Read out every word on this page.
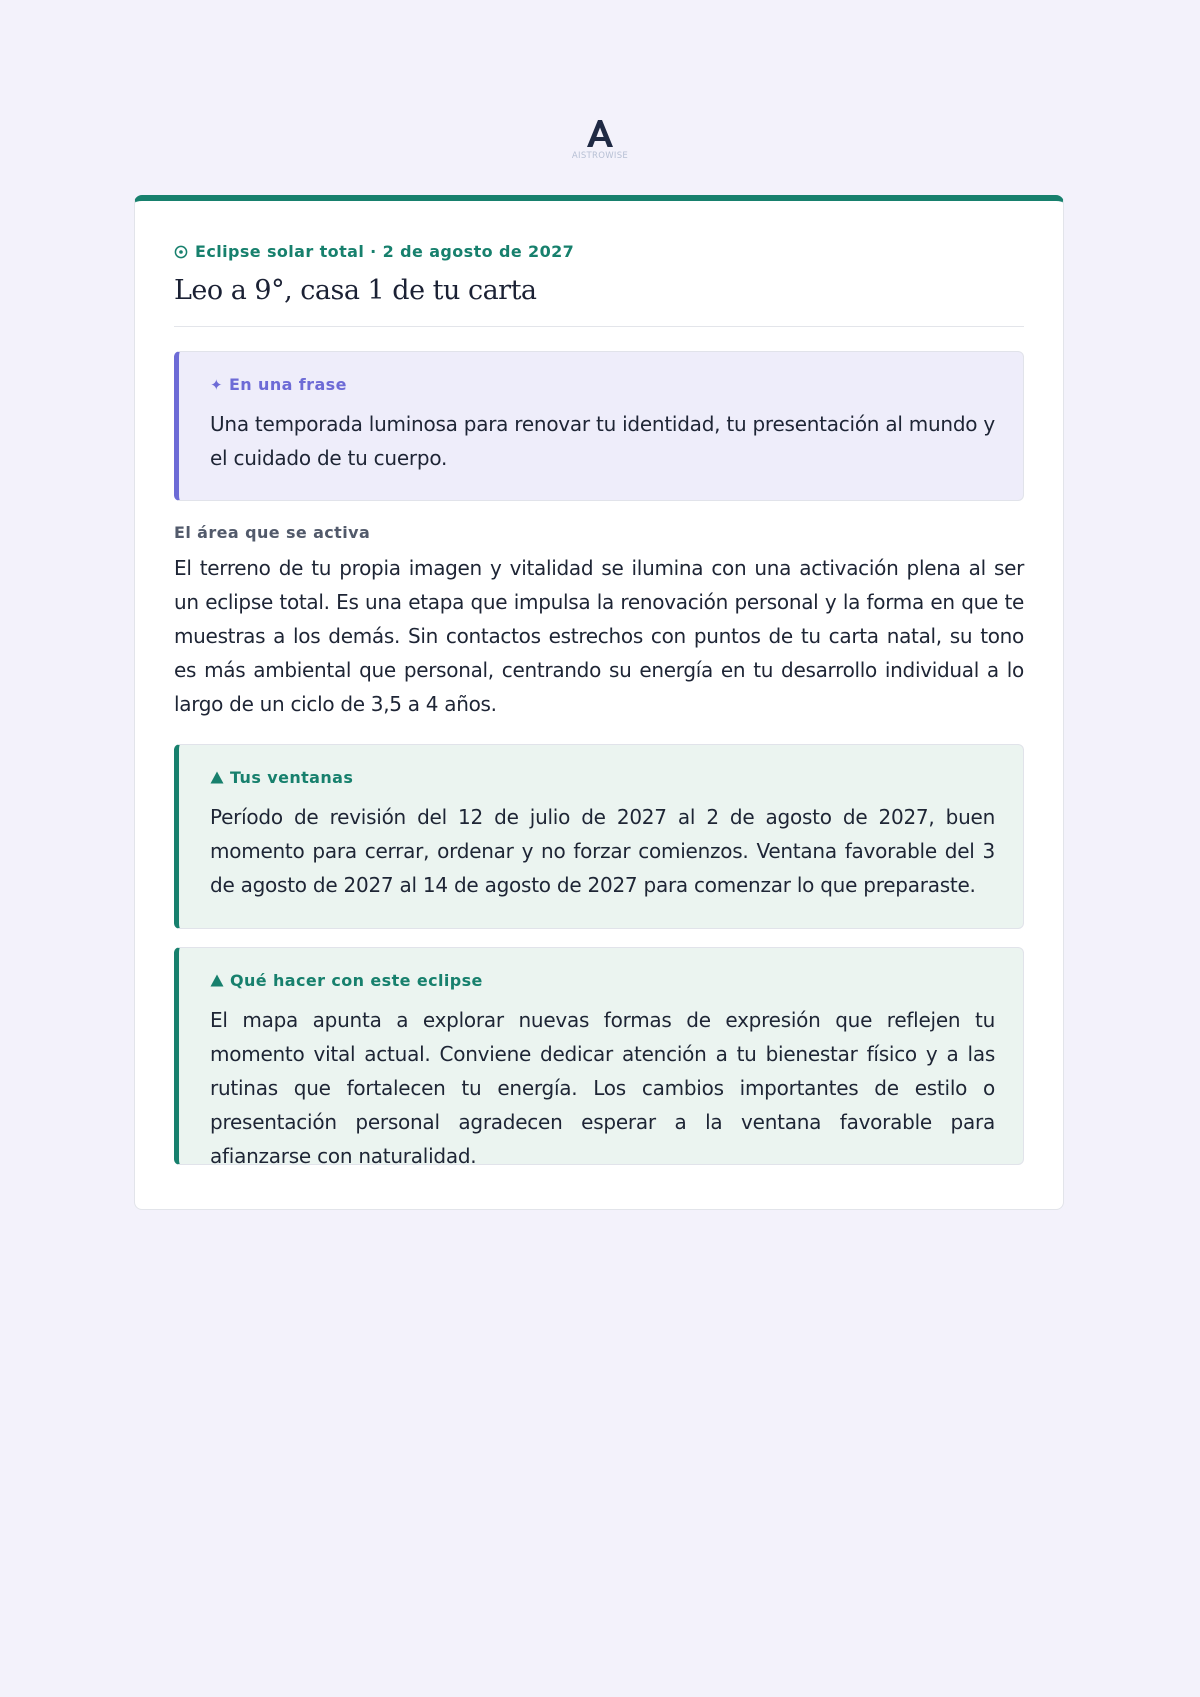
AISTROWISE
Eclipse solar total · 2 de agosto de 2027
Leo a 9°, casa 1 de tu carta
✦ En una frase

Una temporada luminosa para renovar tu identidad, tu presentación al mundo y el cuidado de tu cuerpo.

El área que se activa

El terreno de tu propia imagen y vitalidad se ilumina con una activación plena al ser un eclipse total. Es una etapa que impulsa la renovación personal y la forma en que te muestras a los demás. Sin contactos estrechos con puntos de tu carta natal, su tono es más ambiental que personal, centrando su energía en tu desarrollo individual a lo largo de un ciclo de 3,5 a 4 años.

Tus ventanas

Período de revisión del 12 de julio de 2027 al 2 de agosto de 2027, buen momento para cerrar, ordenar y no forzar comienzos. Ventana favorable del 3 de agosto de 2027 al 14 de agosto de 2027 para comenzar lo que preparaste.

Qué hacer con este eclipse

El mapa apunta a explorar nuevas formas de expresión que reflejen tu momento vital actual. Conviene dedicar atención a tu bienestar físico y a las rutinas que fortalecen tu energía. Los cambios importantes de estilo o presentación personal agradecen esperar a la ventana favorable para afianzarse con naturalidad.
